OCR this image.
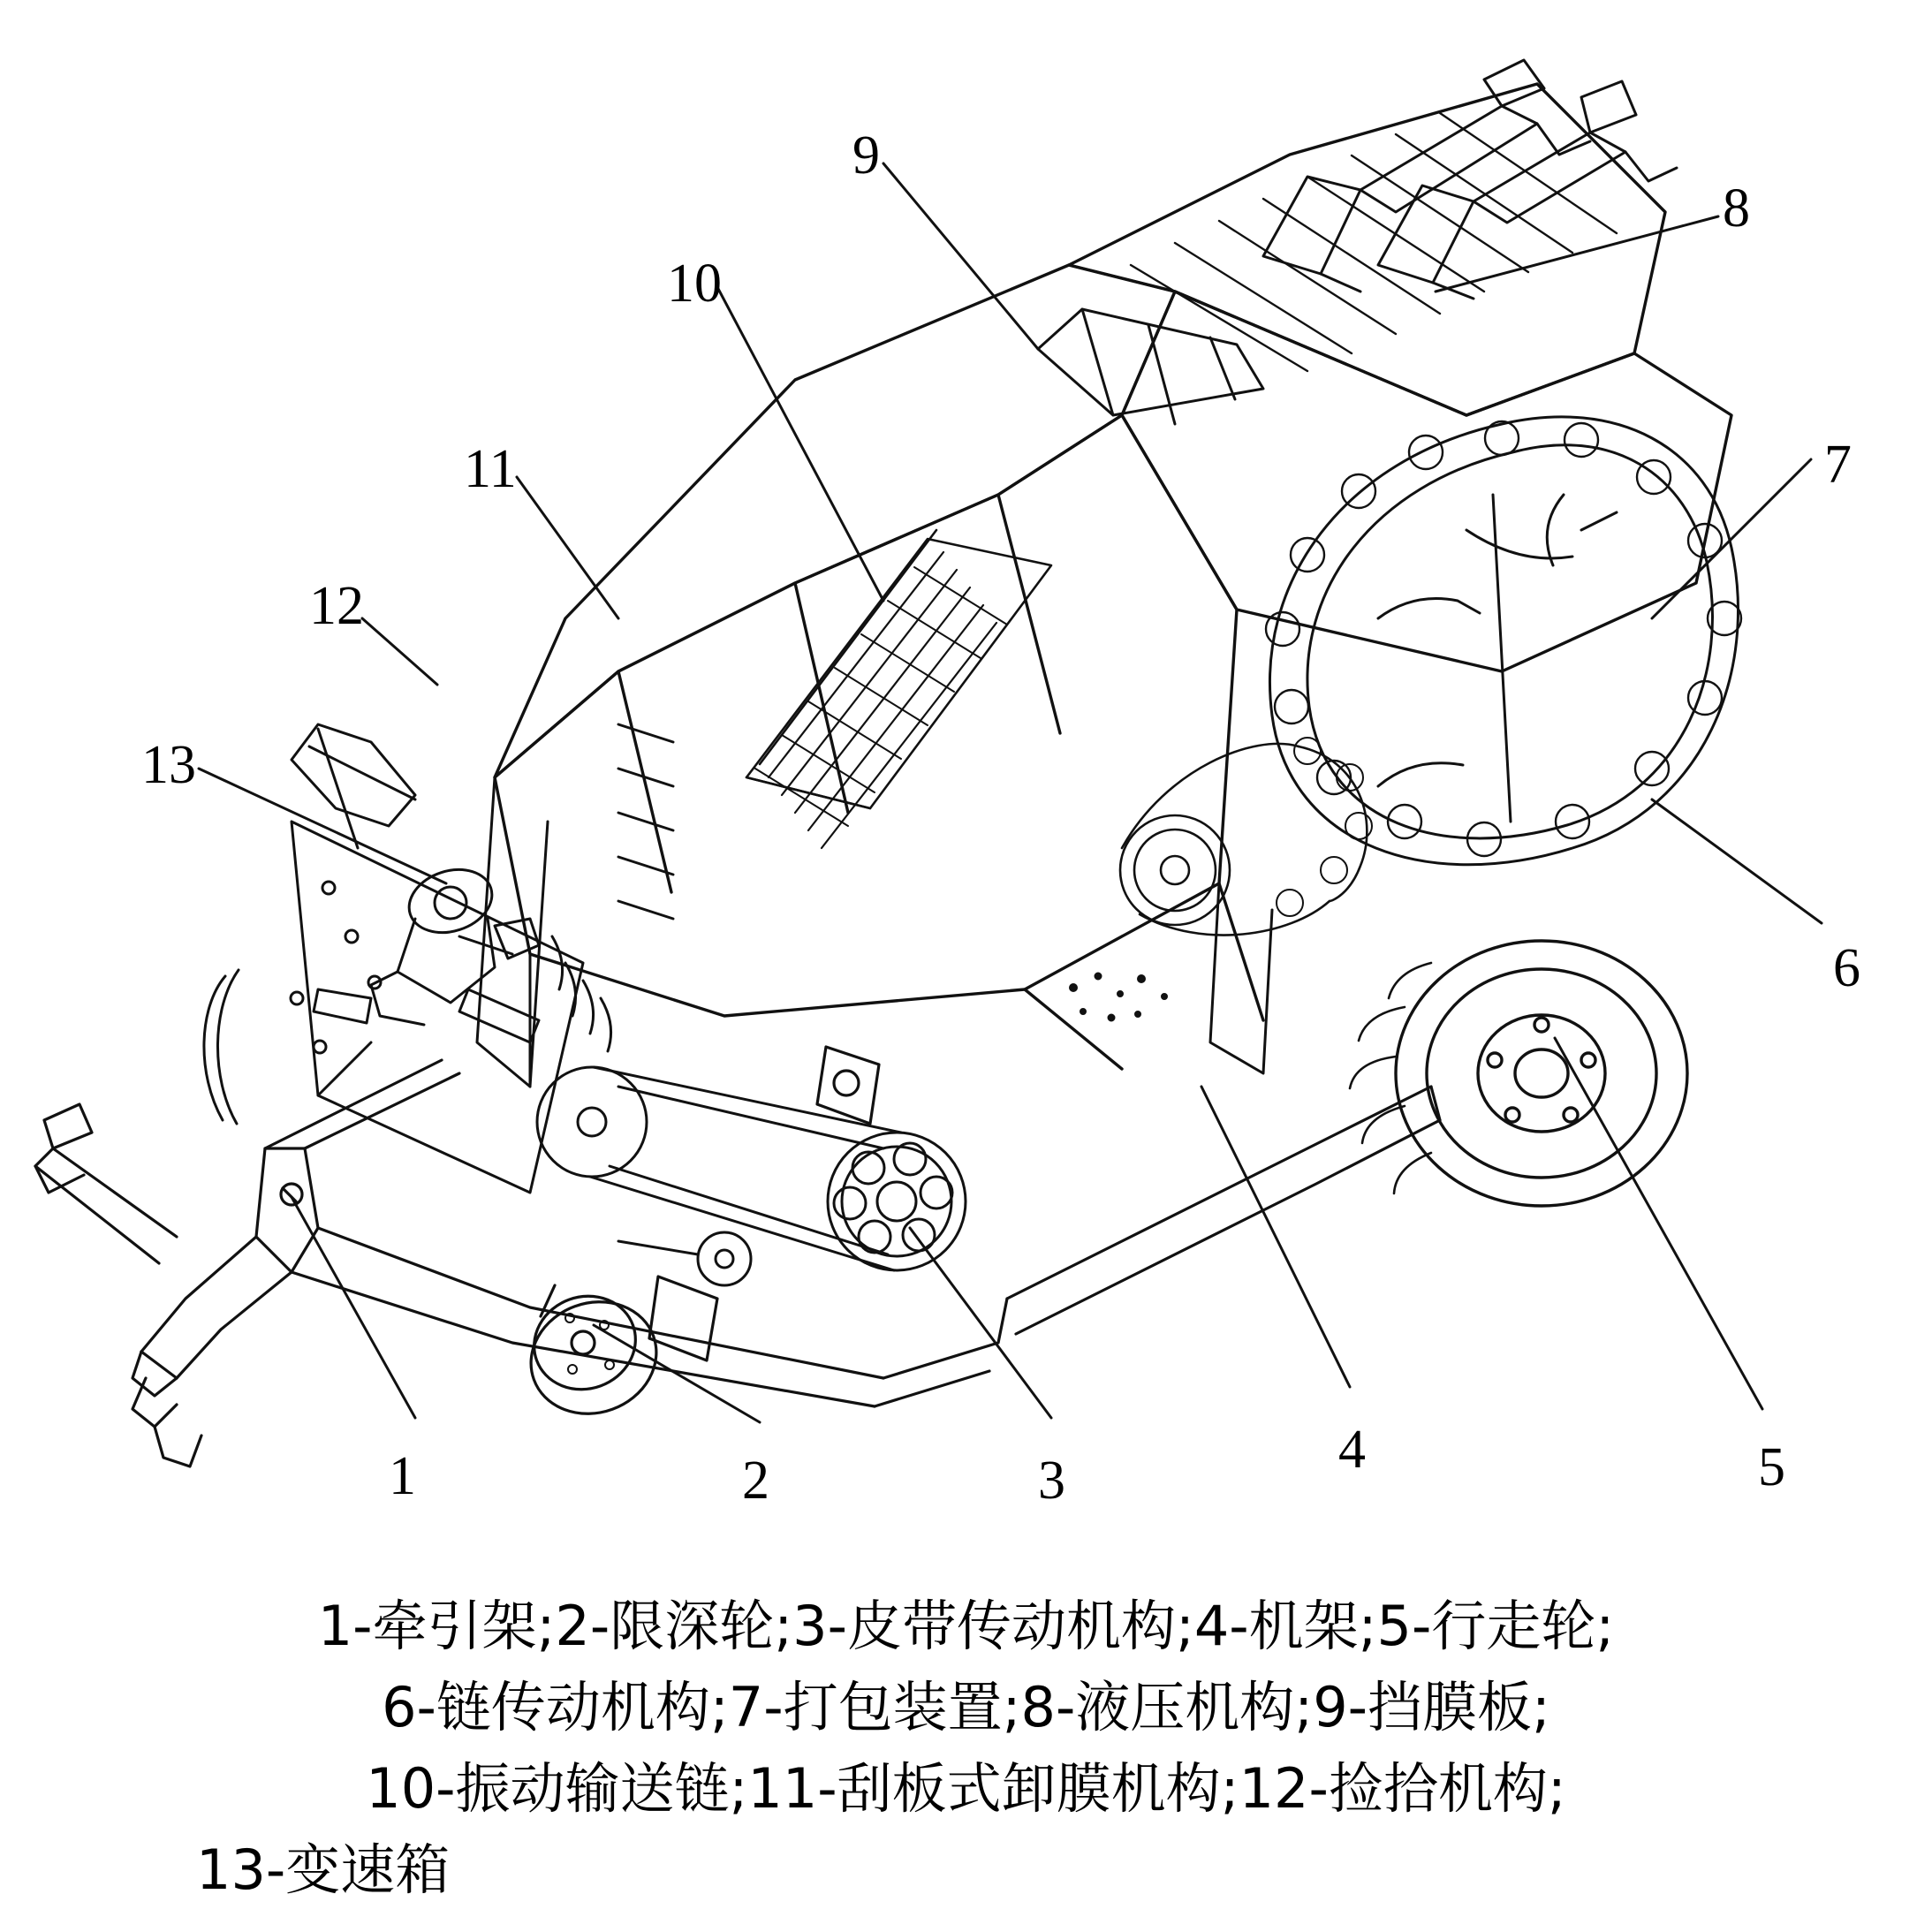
1	2	3
4	5
6
7
8
9
10
11
12
13
1-牵引架;2-限深轮;3-皮带传动机构;4-机架;5-行走轮;
6-链传动机构;7-打包装置;8-液压机构;9-挡膜板;
10-振动输送链;11-刮板式卸膜机构;12-捡拾机构;
13-变速箱
